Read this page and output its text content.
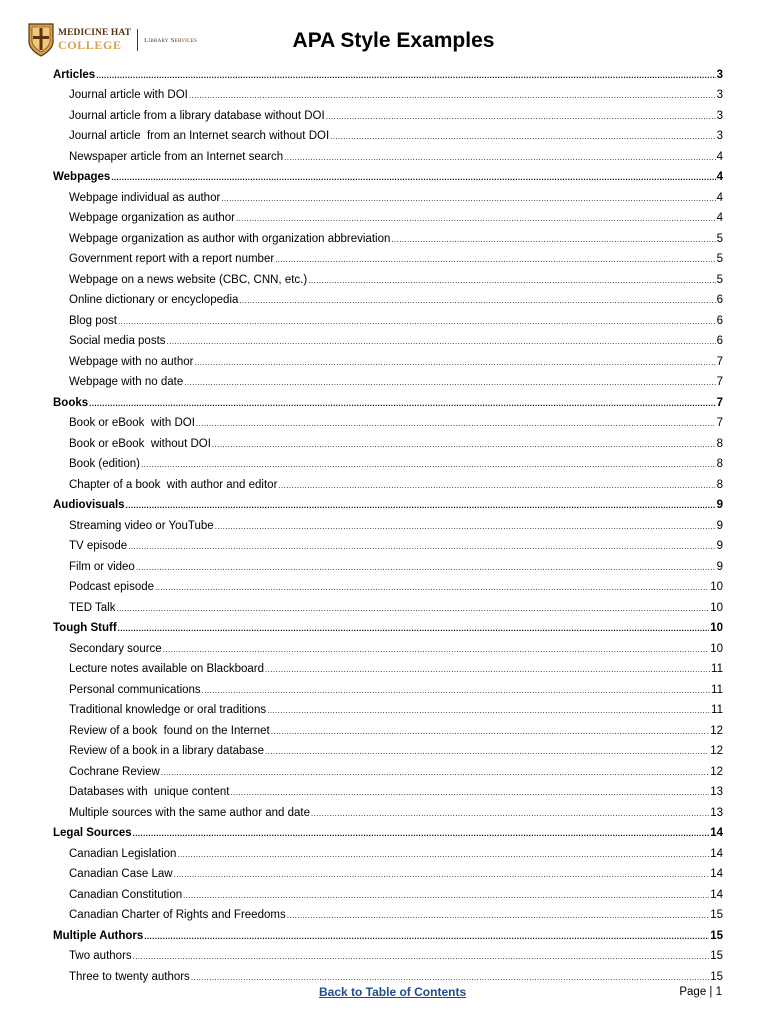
MEDICINE HAT
COLLEGE	Library Services	APA Style Examples
Articles .....	3
Journal article with DOI .....	3
Journal article from a library database without DOI .....	3
Journal article  from an Internet search without DOI .....	3
Newspaper article from an Internet search .....	4
Webpages .....	4
Webpage individual as author .....	4
Webpage organization as author .....	4
Webpage organization as author with organization abbreviation .....	5
Government report with a report number .....	5
Webpage on a news website (CBC, CNN, etc.) .....	5
Online dictionary or encyclopedia .....	6
Blog post .....	6
Social media posts .....	6
Webpage with no author .....	7
Webpage with no date .....	7
Books .....	7
Book or eBook  with DOI .....	7
Book or eBook  without DOI .....	8
Book (edition) .....	8
Chapter of a book  with author and editor .....	8
Audiovisuals .....	9
Streaming video or YouTube .....	9
TV episode .....	9
Film or video .....	9
Podcast episode .....	10
TED Talk .....	10
Tough Stuff .....	10
Secondary source .....	10
Lecture notes available on Blackboard .....	11
Personal communications .....	11
Traditional knowledge or oral traditions .....	11
Review of a book  found on the Internet .....	12
Review of a book in a library database .....	12
Cochrane Review .....	12
Databases with  unique content .....	13
Multiple sources with the same author and date .....	13
Legal Sources .....	14
Canadian Legislation .....	14
Canadian Case Law .....	14
Canadian Constitution .....	14
Canadian Charter of Rights and Freedoms .....	15
Multiple Authors .....	15
Two authors .....	15
Three to twenty authors .....	15
Back to Table of Contents	Page | 1
